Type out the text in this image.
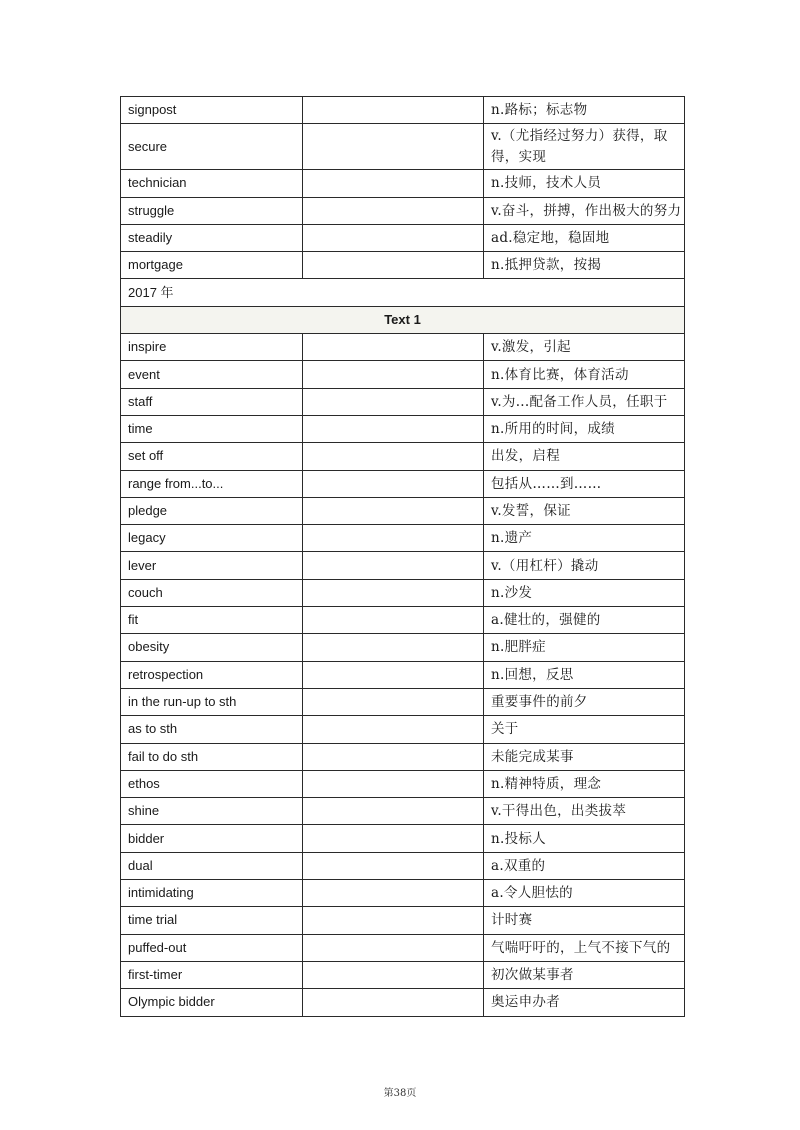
signpost		n.路标；标志物
secure		v.（尤指经过努力）获得，取得，实现
technician		n.技师，技术人员
struggle		v.奋斗，拼搏，作出极大的努力
steadily		ad.稳定地，稳固地
mortgage		n.抵押贷款，按揭
2017 年		
Text 1		
inspire		v.激发，引起
event		n.体育比赛，体育活动
staff		v.为...配备工作人员，任职于
time		n.所用的时间，成绩
set off		出发，启程
range from...to...		包括从……到……
pledge		v.发誓，保证
legacy		n.遗产
lever		v.（用杠杆）撬动
couch		n.沙发
fit		a.健壮的，强健的
obesity		n.肥胖症
retrospection		n.回想，反思
in the run-up to sth		重要事件的前夕
as to sth		关于
fail to do sth		未能完成某事
ethos		n.精神特质，理念
shine		v.干得出色，出类拔萃
bidder		n.投标人
dual		a.双重的
intimidating		a.令人胆怯的
time trial		计时赛
puffed-out		气喘吁吁的，上气不接下气的
first-timer		初次做某事者
Olympic bidder		奥运申办者
第38页
